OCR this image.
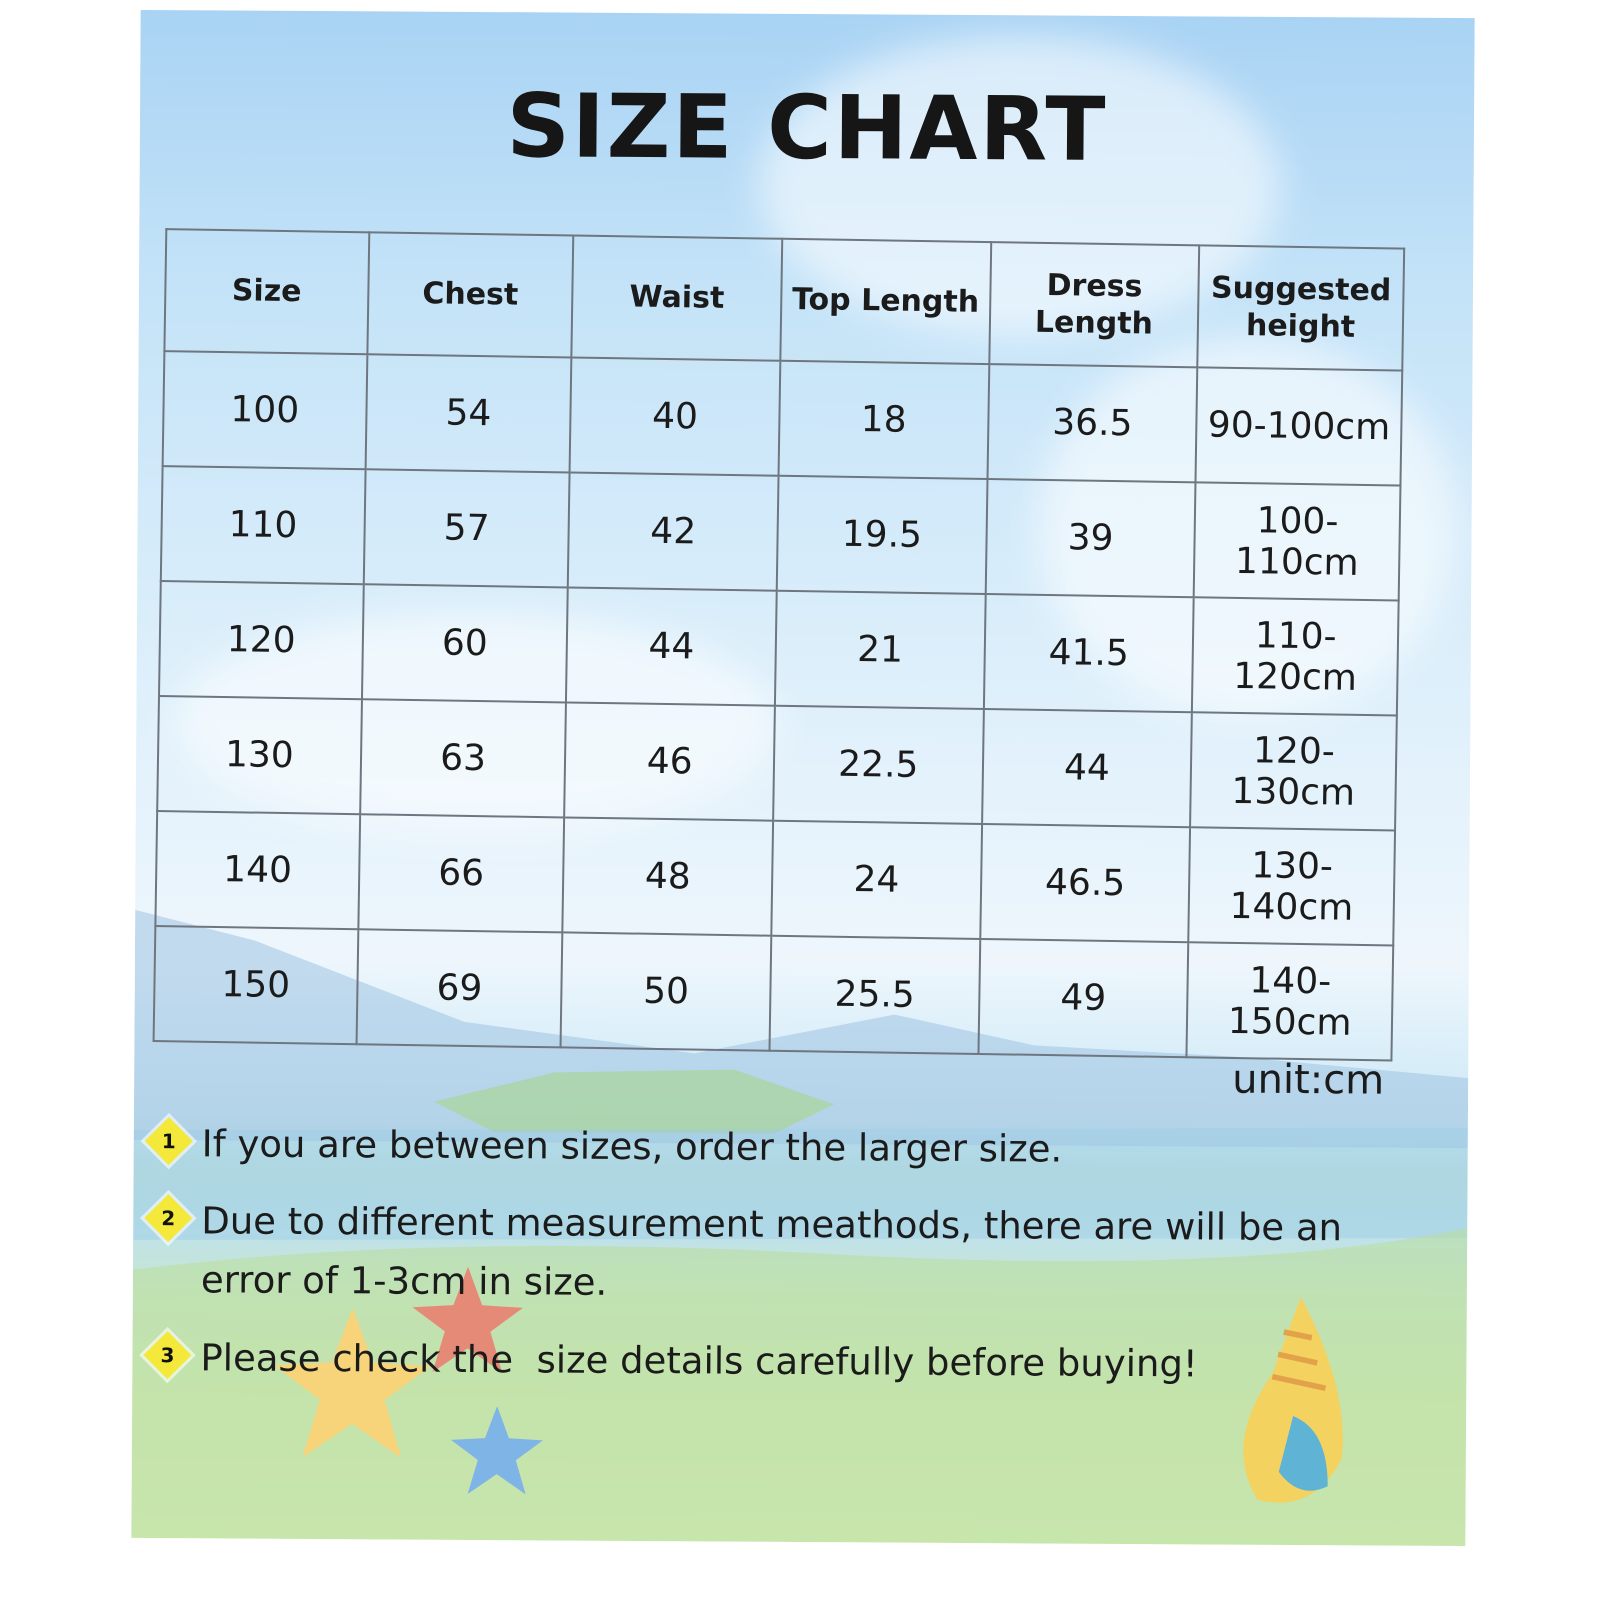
SIZE CHART
Size	Chest	Waist	Top Length	Dress Length	Suggested height
100	54	40	18	36.5	90-100cm
110	57	42	19.5	39	100-110cm
120	60	44	21	41.5	110-120cm
130	63	46	22.5	44	120-130cm
140	66	48	24	46.5	130-140cm
150	69	50	25.5	49	140-150cm
unit:cm
1 If you are between sizes, order the larger size.
2 Due to different measurement meathods, there are will be an error of 1-3cm in size.
3 Please check the  size details carefully before buying!
